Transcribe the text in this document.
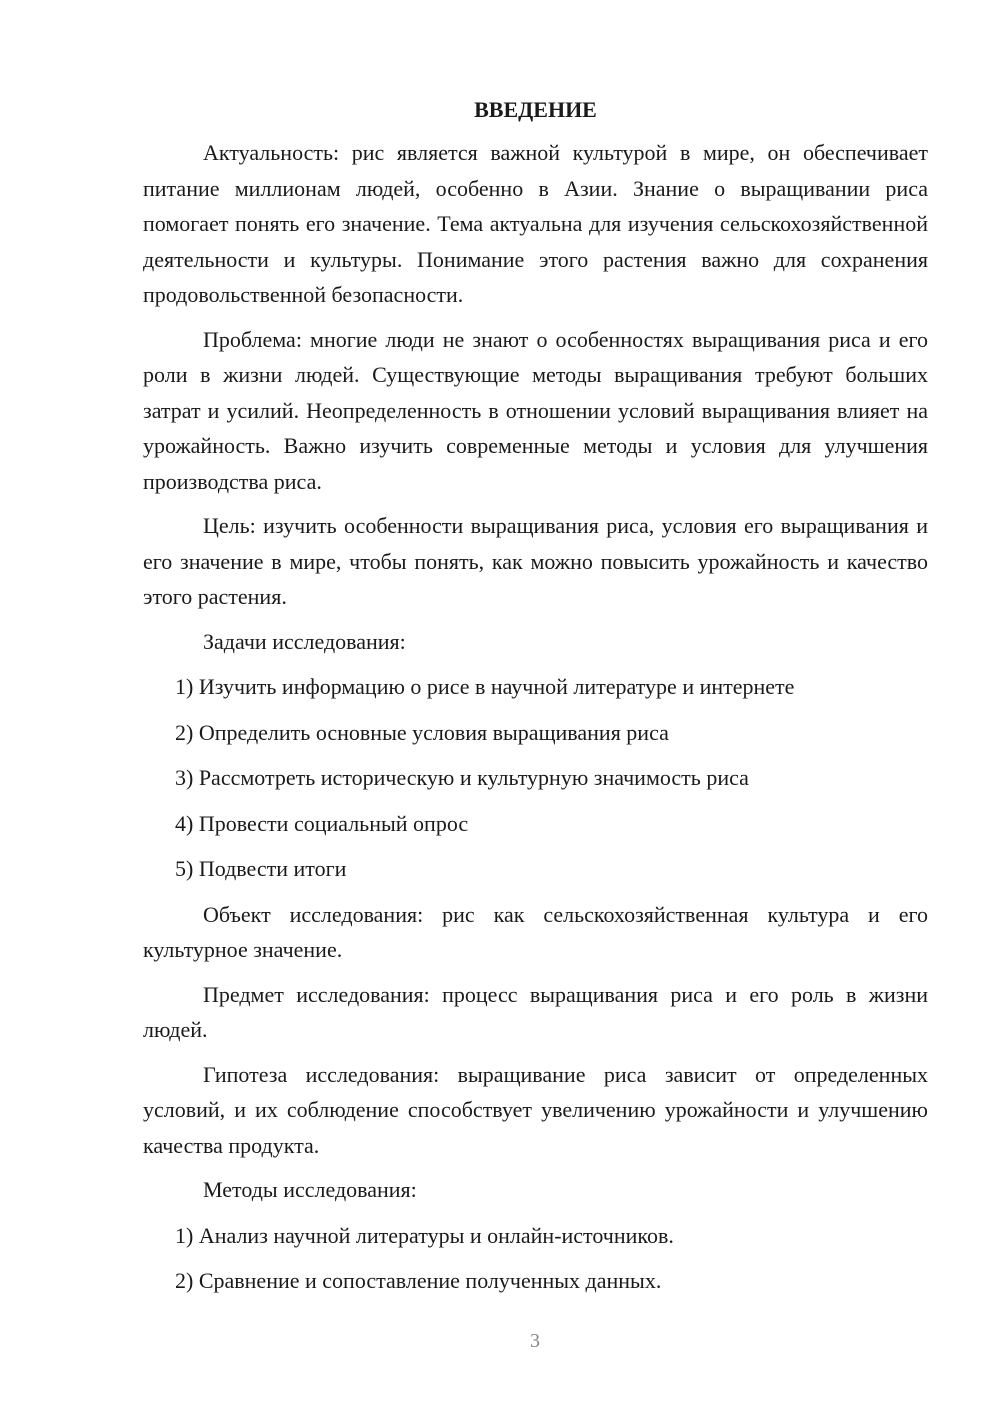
ВВЕДЕНИЕ

Актуальность: рис является важной культурой в мире, он обеспечивает питание миллионам людей, особенно в Азии. Знание о выращивании риса помогает понять его значение. Тема актуальна для изучения сельскохозяйственной деятельности и культуры. Понимание этого растения важно для сохранения продовольственной безопасности.

Проблема: многие люди не знают о особенностях выращивания риса и его роли в жизни людей. Существующие методы выращивания требуют больших затрат и усилий. Неопределенность в отношении условий выращивания влияет на урожайность. Важно изучить современные методы и условия для улучшения производства риса.

Цель: изучить особенности выращивания риса, условия его выращивания и его значение в мире, чтобы понять, как можно повысить урожайность и качество этого растения.

Задачи исследования:

1) Изучить информацию о рисе в научной литературе и интернете
2) Определить основные условия выращивания риса
3) Рассмотреть историческую и культурную значимость риса
4) Провести социальный опрос
5) Подвести итоги

Объект исследования: рис как сельскохозяйственная культура и его культурное значение.

Предмет исследования: процесс выращивания риса и его роль в жизни людей.

Гипотеза исследования: выращивание риса зависит от определенных условий, и их соблюдение способствует увеличению урожайности и улучшению качества продукта.

Методы исследования:

1) Анализ научной литературы и онлайн-источников.
2) Сравнение и сопоставление полученных данных.
3
